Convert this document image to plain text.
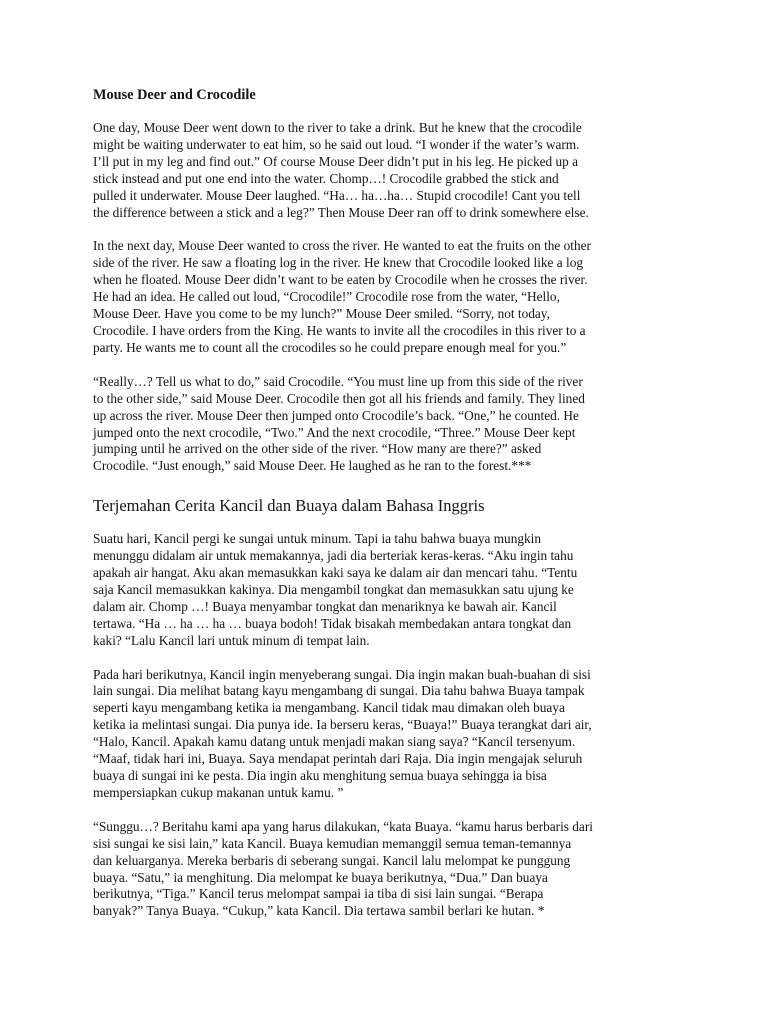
Mouse Deer and Crocodile
One day, Mouse Deer went down to the river to take a drink. But he knew that the crocodile
might be waiting underwater to eat him, so he said out loud. “I wonder if the water’s warm.
I’ll put in my leg and find out.” Of course Mouse Deer didn’t put in his leg. He picked up a
stick instead and put one end into the water. Chomp…! Crocodile grabbed the stick and
pulled it underwater. Mouse Deer laughed. “Ha… ha…ha… Stupid crocodile! Cant you tell
the difference between a stick and a leg?” Then Mouse Deer ran off to drink somewhere else.
In the next day, Mouse Deer wanted to cross the river. He wanted to eat the fruits on the other
side of the river. He saw a floating log in the river. He knew that Crocodile looked like a log
when he floated. Mouse Deer didn’t want to be eaten by Crocodile when he crosses the river.
He had an idea. He called out loud, “Crocodile!” Crocodile rose from the water, “Hello,
Mouse Deer. Have you come to be my lunch?” Mouse Deer smiled. “Sorry, not today,
Crocodile. I have orders from the King. He wants to invite all the crocodiles in this river to a
party. He wants me to count all the crocodiles so he could prepare enough meal for you.”
“Really…? Tell us what to do,” said Crocodile. “You must line up from this side of the river
to the other side,” said Mouse Deer. Crocodile then got all his friends and family. They lined
up across the river. Mouse Deer then jumped onto Crocodile’s back. “One,” he counted. He
jumped onto the next crocodile, “Two.” And the next crocodile, “Three.” Mouse Deer kept
jumping until he arrived on the other side of the river. “How many are there?” asked
Crocodile. “Just enough,” said Mouse Deer. He laughed as he ran to the forest.***
Terjemahan Cerita Kancil dan Buaya dalam Bahasa Inggris
Suatu hari, Kancil pergi ke sungai untuk minum. Tapi ia tahu bahwa buaya mungkin
menunggu didalam air untuk memakannya, jadi dia berteriak keras-keras. “Aku ingin tahu
apakah air hangat. Aku akan memasukkan kaki saya ke dalam air dan mencari tahu. “Tentu
saja Kancil memasukkan kakinya. Dia mengambil tongkat dan memasukkan satu ujung ke
dalam air. Chomp …! Buaya menyambar tongkat dan menariknya ke bawah air. Kancil
tertawa. “Ha … ha … ha … buaya bodoh! Tidak bisakah membedakan antara tongkat dan
kaki? “Lalu Kancil lari untuk minum di tempat lain.
Pada hari berikutnya, Kancil ingin menyeberang sungai. Dia ingin makan buah-buahan di sisi
lain sungai. Dia melihat batang kayu mengambang di sungai. Dia tahu bahwa Buaya tampak
seperti kayu mengambang ketika ia mengambang. Kancil tidak mau dimakan oleh buaya
ketika ia melintasi sungai. Dia punya ide. Ia berseru keras, “Buaya!” Buaya terangkat dari air,
“Halo, Kancil. Apakah kamu datang untuk menjadi makan siang saya? “Kancil tersenyum.
“Maaf, tidak hari ini, Buaya. Saya mendapat perintah dari Raja. Dia ingin mengajak seluruh
buaya di sungai ini ke pesta. Dia ingin aku menghitung semua buaya sehingga ia bisa
mempersiapkan cukup makanan untuk kamu. ”
“Sunggu…? Beritahu kami apa yang harus dilakukan, “kata Buaya. “kamu harus berbaris dari
sisi sungai ke sisi lain,” kata Kancil. Buaya kemudian memanggil semua teman-temannya
dan keluarganya. Mereka berbaris di seberang sungai. Kancil lalu melompat ke punggung
buaya. “Satu,” ia menghitung. Dia melompat ke buaya berikutnya, “Dua.” Dan buaya
berikutnya, “Tiga.” Kancil terus melompat sampai ia tiba di sisi lain sungai. “Berapa
banyak?” Tanya Buaya. “Cukup,” kata Kancil. Dia tertawa sambil berlari ke hutan. *
